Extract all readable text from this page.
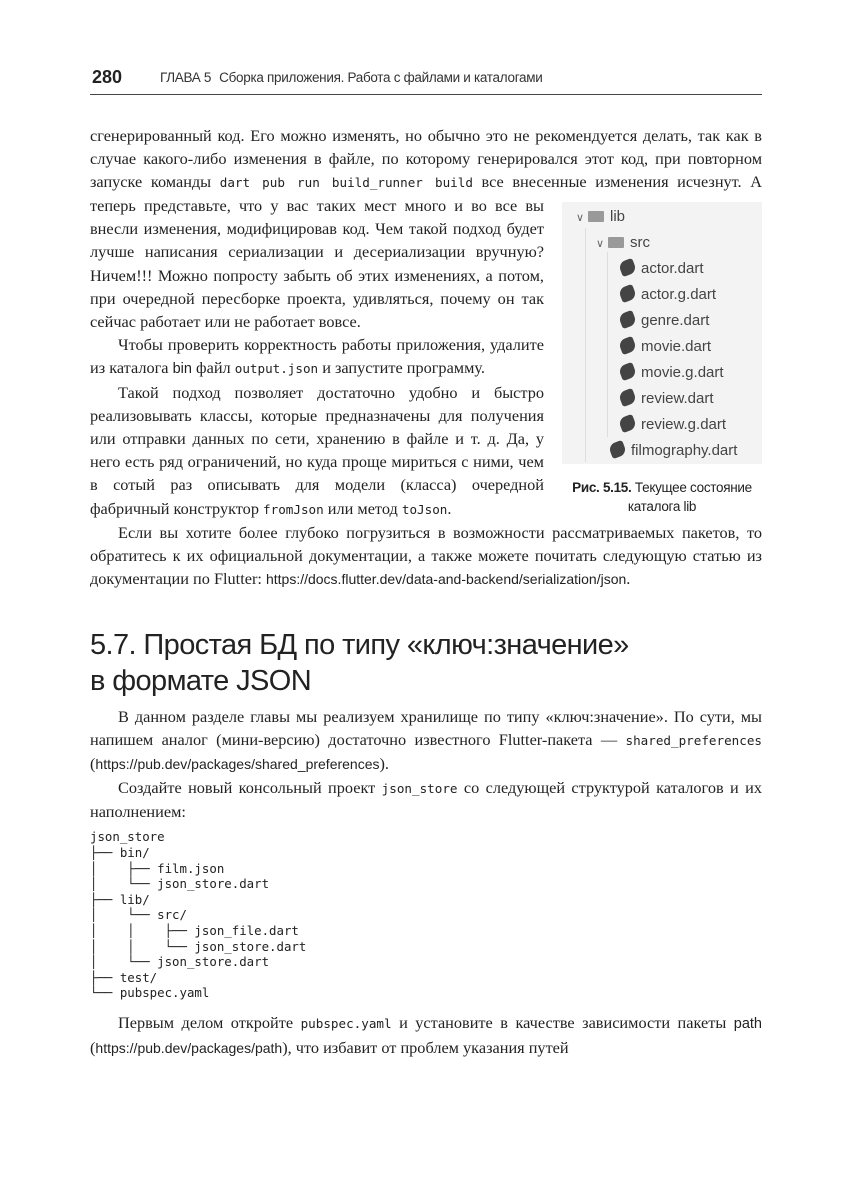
280	ГЛАВА 5 Сборка приложения. Работа с файлами и каталогами
∨ lib
∨ src
actor.dart
actor.g.dart
genre.dart
movie.dart
movie.g.dart
review.dart
review.g.dart
filmography.dart
Рис. 5.15. Текущее состояние каталога lib

сгенерированный код. Его можно изменять, но обычно это не рекомендуется делать, так как в случае какого-либо изменения в файле, по которому генерировался этот код, при повторном запуске команды dart pub run build_runner build все внесенные изменения исчезнут. А теперь представьте, что у вас таких мест много и во все вы внесли изменения, модифицировав код. Чем такой подход будет лучше написания сериализации и десериализации вручную? Ничем!!! Можно попросту забыть об этих изменениях, а потом, при очередной пересборке проекта, удивляться, почему он так сейчас работает или не работает вовсе.

Чтобы проверить корректность работы приложения, удалите из каталога bin файл output.json и запустите программу.

Такой подход позволяет достаточно удобно и быстро реализовывать классы, которые предназначены для получения или отправки данных по сети, хранению в файле и т. д. Да, у него есть ряд ограничений, но куда проще мириться с ними, чем в сотый раз описывать для модели (класса) очередной фабричный конструктор fromJson или метод toJson.

Если вы хотите более глубоко погрузиться в возможности рассматриваемых пакетов, то обратитесь к их официальной документации, а также можете почитать следующую статью из документации по Flutter: https://docs.flutter.dev/data-and-backend/serialization/json.

5.7. Простая БД по типу «ключ:значение»
в формате JSON

В данном разделе главы мы реализуем хранилище по типу «ключ:значение». По сути, мы напишем аналог (мини-версию) достаточно известного Flutter-пакета — shared_preferences (https://pub.dev/packages/shared_preferences).

Создайте новый консольный проект json_store со следующей структурой каталогов и их наполнением:

json_store
├── bin/
│    ├── film.json
│    └── json_store.dart
├── lib/
│    └── src/
│    │    ├── json_file.dart
│    │    └── json_store.dart
│    └── json_store.dart
├── test/
└── pubspec.yaml

Первым делом откройте pubspec.yaml и установите в качестве зависимости пакеты path (https://pub.dev/packages/path), что избавит от проблем указания путей
